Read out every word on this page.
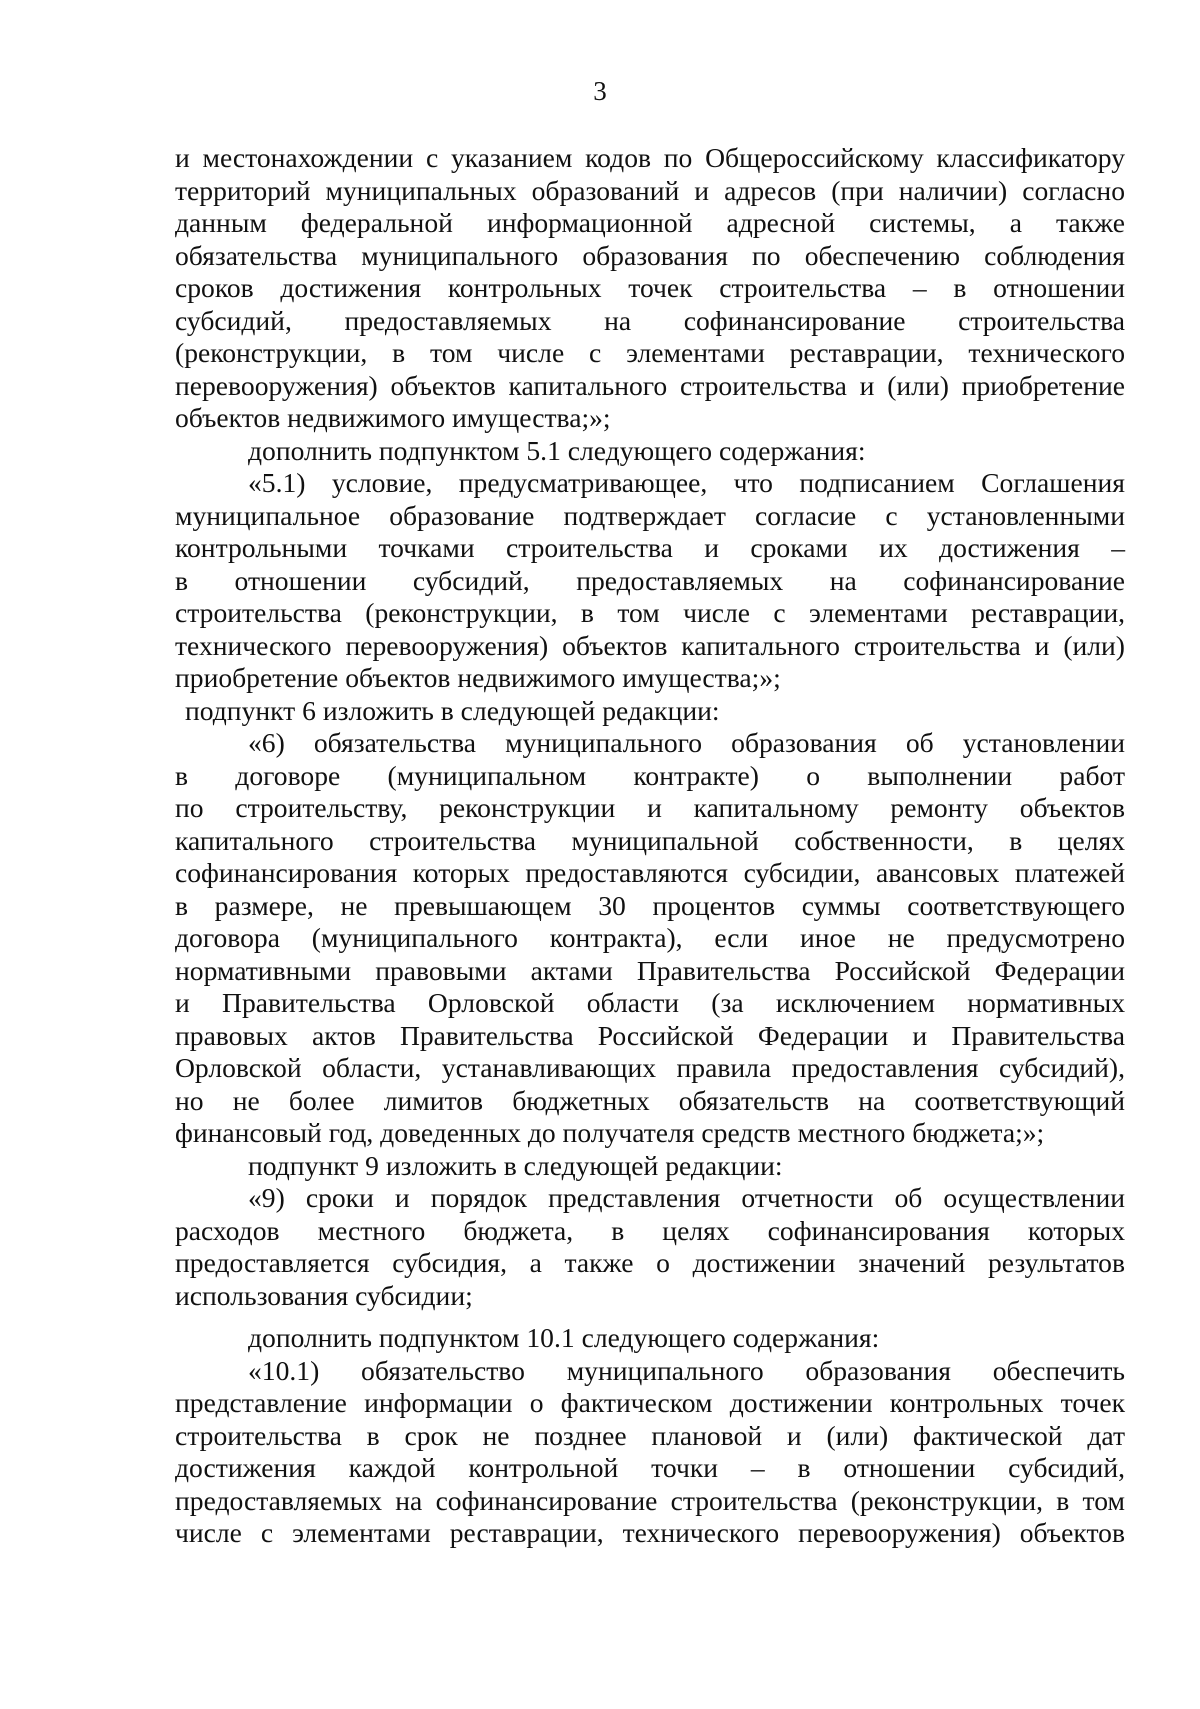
3
и местонахождении с указанием кодов по Общероссийскому классификатору
территорий муниципальных образований и адресов (при наличии) согласно
данным федеральной информационной адресной системы, а также
обязательства муниципального образования по обеспечению соблюдения
сроков достижения контрольных точек строительства – в отношении
субсидий, предоставляемых на софинансирование строительства
(реконструкции, в том числе с элементами реставрации, технического
перевооружения) объектов капитального строительства и (или) приобретение
объектов недвижимого имущества;»;
дополнить подпунктом 5.1 следующего содержания:
«5.1) условие, предусматривающее, что подписанием Соглашения
муниципальное образование подтверждает согласие с установленными
контрольными точками строительства и сроками их достижения –
в отношении субсидий, предоставляемых на софинансирование
строительства (реконструкции, в том числе с элементами реставрации,
технического перевооружения) объектов капитального строительства и (или)
приобретение объектов недвижимого имущества;»;
подпункт 6 изложить в следующей редакции:
«6) обязательства муниципального образования об установлении
в договоре (муниципальном контракте) о выполнении работ
по строительству, реконструкции и капитальному ремонту объектов
капитального строительства муниципальной собственности, в целях
софинансирования которых предоставляются субсидии, авансовых платежей
в размере, не превышающем 30 процентов суммы соответствующего
договора (муниципального контракта), если иное не предусмотрено
нормативными правовыми актами Правительства Российской Федерации
и Правительства Орловской области (за исключением нормативных
правовых актов Правительства Российской Федерации и Правительства
Орловской области, устанавливающих правила предоставления субсидий),
но не более лимитов бюджетных обязательств на соответствующий
финансовый год, доведенных до получателя средств местного бюджета;»;
подпункт 9 изложить в следующей редакции:
«9) сроки и порядок представления отчетности об осуществлении
расходов местного бюджета, в целях софинансирования которых
предоставляется субсидия, а также о достижении значений результатов
использования субсидии;
дополнить подпунктом 10.1 следующего содержания:
«10.1) обязательство муниципального образования обеспечить
представление информации о фактическом достижении контрольных точек
строительства в срок не позднее плановой и (или) фактической дат
достижения каждой контрольной точки – в отношении субсидий,
предоставляемых на софинансирование строительства (реконструкции, в том
числе с элементами реставрации, технического перевооружения) объектов
